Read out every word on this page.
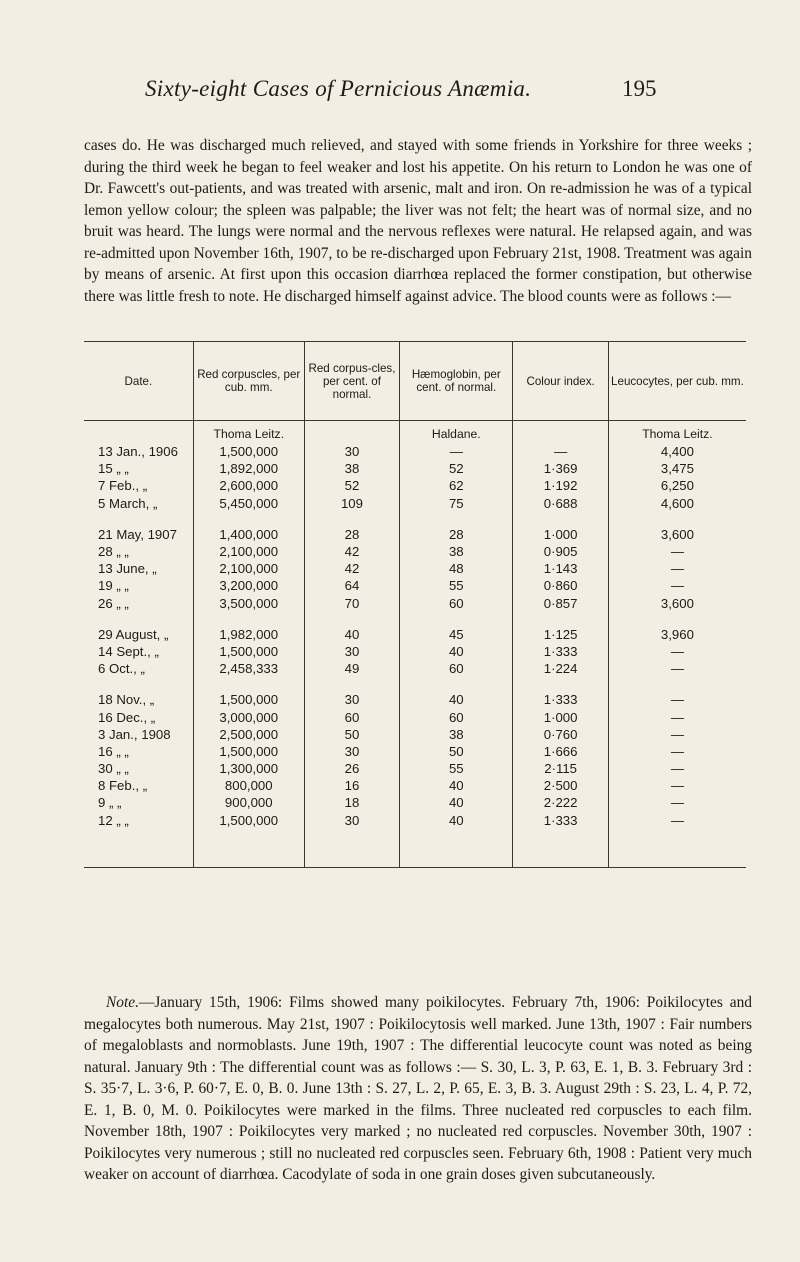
Sixty-eight Cases of Pernicious Anæmia.	195

cases do. He was discharged much relieved, and stayed with some friends in Yorkshire for three weeks ; during the third week he began to feel weaker and lost his appetite. On his return to London he was one of Dr. Fawcett's out-patients, and was treated with arsenic, malt and iron. On re-admission he was of a typical lemon yellow colour; the spleen was palpable; the liver was not felt; the heart was of normal size, and no bruit was heard. The lungs were normal and the nervous reflexes were natural. He relapsed again, and was re-admitted upon November 16th, 1907, to be re-discharged upon February 21st, 1908. Treatment was again by means of arsenic. At first upon this occasion diarrhœa replaced the former constipation, but otherwise there was little fresh to note. He discharged himself against advice. The blood counts were as follows :—

Date.	Red corpuscles, per cub. mm.	Red corpus-cles, per cent. of normal.	Hæmoglobin, per cent. of normal.	Colour index.	Leucocytes, per cub. mm.
	Thoma Leitz.		Haldane.		Thoma Leitz.
13 Jan., 1906	1,500,000	30	—	—	4,400
15 „ „	1,892,000	38	52	1·369	3,475
7 Feb., „	2,600,000	52	62	1·192	6,250
5 March, „	5,450,000	109	75	0·688	4,600
21 May, 1907	1,400,000	28	28	1·000	3,600
28 „ „	2,100,000	42	38	0·905	—
13 June, „	2,100,000	42	48	1·143	—
19 „ „	3,200,000	64	55	0·860	—
26 „ „	3,500,000	70	60	0·857	3,600
29 August, „	1,982,000	40	45	1·125	3,960
14 Sept., „	1,500,000	30	40	1·333	—
6 Oct., „	2,458,333	49	60	1·224	—
18 Nov., „	1,500,000	30	40	1·333	—
16 Dec., „	3,000,000	60	60	1·000	—
3 Jan., 1908	2,500,000	50	38	0·760	—
16 „ „	1,500,000	30	50	1·666	—
30 „ „	1,300,000	26	55	2·115	—
8 Feb., „	800,000	16	40	2·500	—
9 „ „	900,000	18	40	2·222	—
12 „ „	1,500,000	30	40	1·333	—

Note.—January 15th, 1906: Films showed many poikilocytes. February 7th, 1906: Poikilocytes and megalocytes both numerous. May 21st, 1907 : Poikilocytosis well marked. June 13th, 1907 : Fair numbers of megaloblasts and normoblasts. June 19th, 1907 : The differential leucocyte count was noted as being natural. January 9th : The differential count was as follows :— S. 30, L. 3, P. 63, E. 1, B. 3. February 3rd : S. 35·7, L. 3·6, P. 60·7, E. 0, B. 0. June 13th : S. 27, L. 2, P. 65, E. 3, B. 3. August 29th : S. 23, L. 4, P. 72, E. 1, B. 0, M. 0. Poikilocytes were marked in the films. Three nucleated red corpuscles to each film. November 18th, 1907 : Poikilocytes very marked ; no nucleated red corpuscles. November 30th, 1907 : Poikilocytes very numerous ; still no nucleated red corpuscles seen. February 6th, 1908 : Patient very much weaker on account of diarrhœa. Cacodylate of soda in one grain doses given subcutaneously.
